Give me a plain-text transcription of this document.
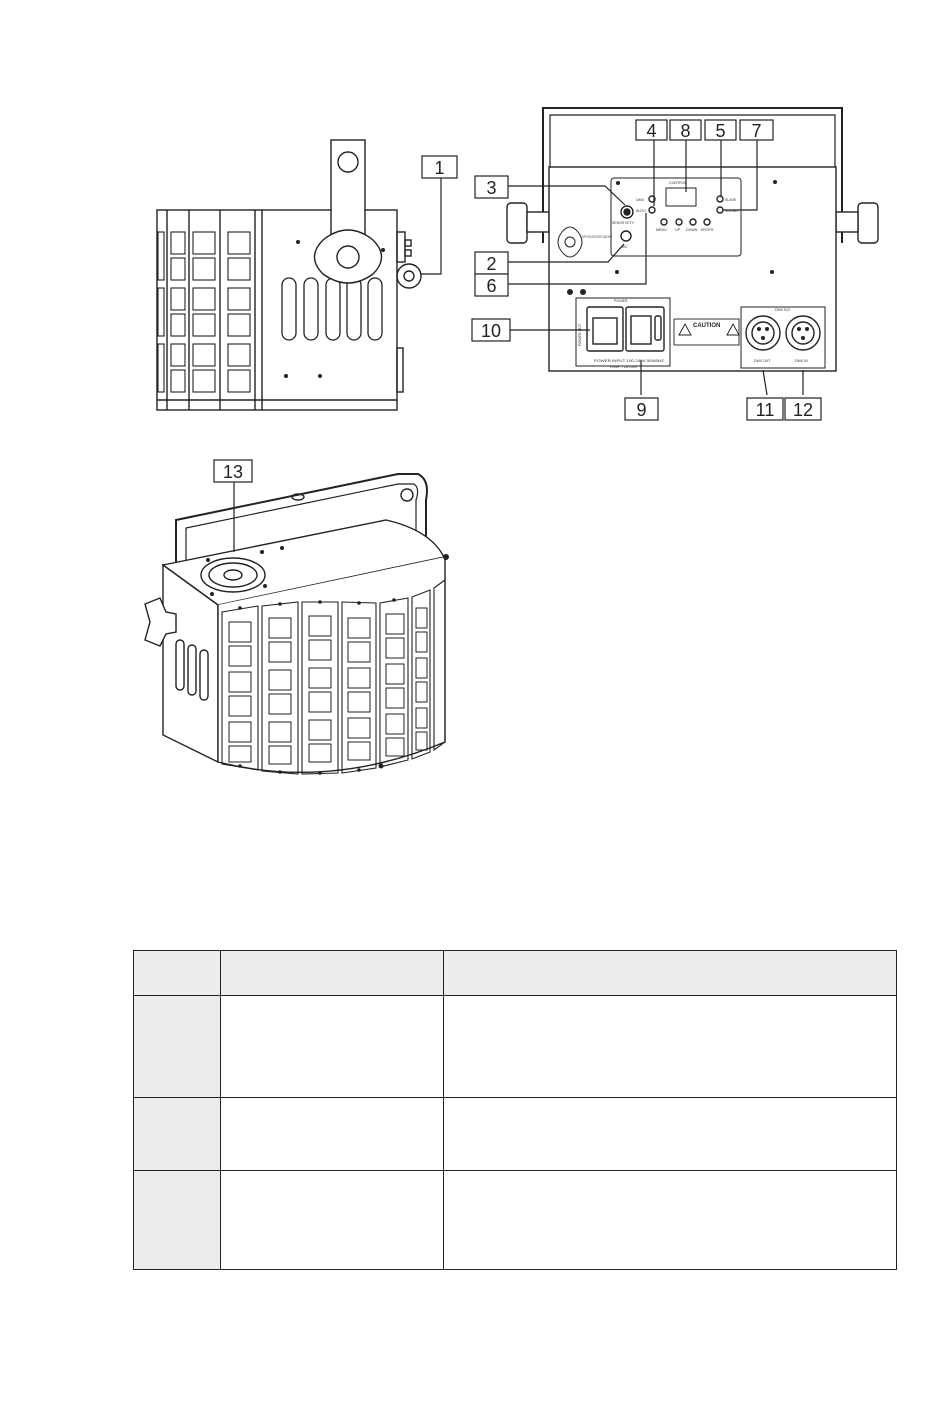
CONTROL
DMX
AUTO
SLAVE
SOUND
SENSITIVITY
MIC
MENU UP DOWN ENTER
SAFETY WITH ATTACH SAFETY CABLE HERE
POWER
POWER INPUT 100-240V 50/60HZ
FUSE: T1A 250V
CAUTION
DMX 512
DMX OUT	DMX IN
POWER OUT
1
2
3
4 8 5 7
6
10
9	11 12
13
